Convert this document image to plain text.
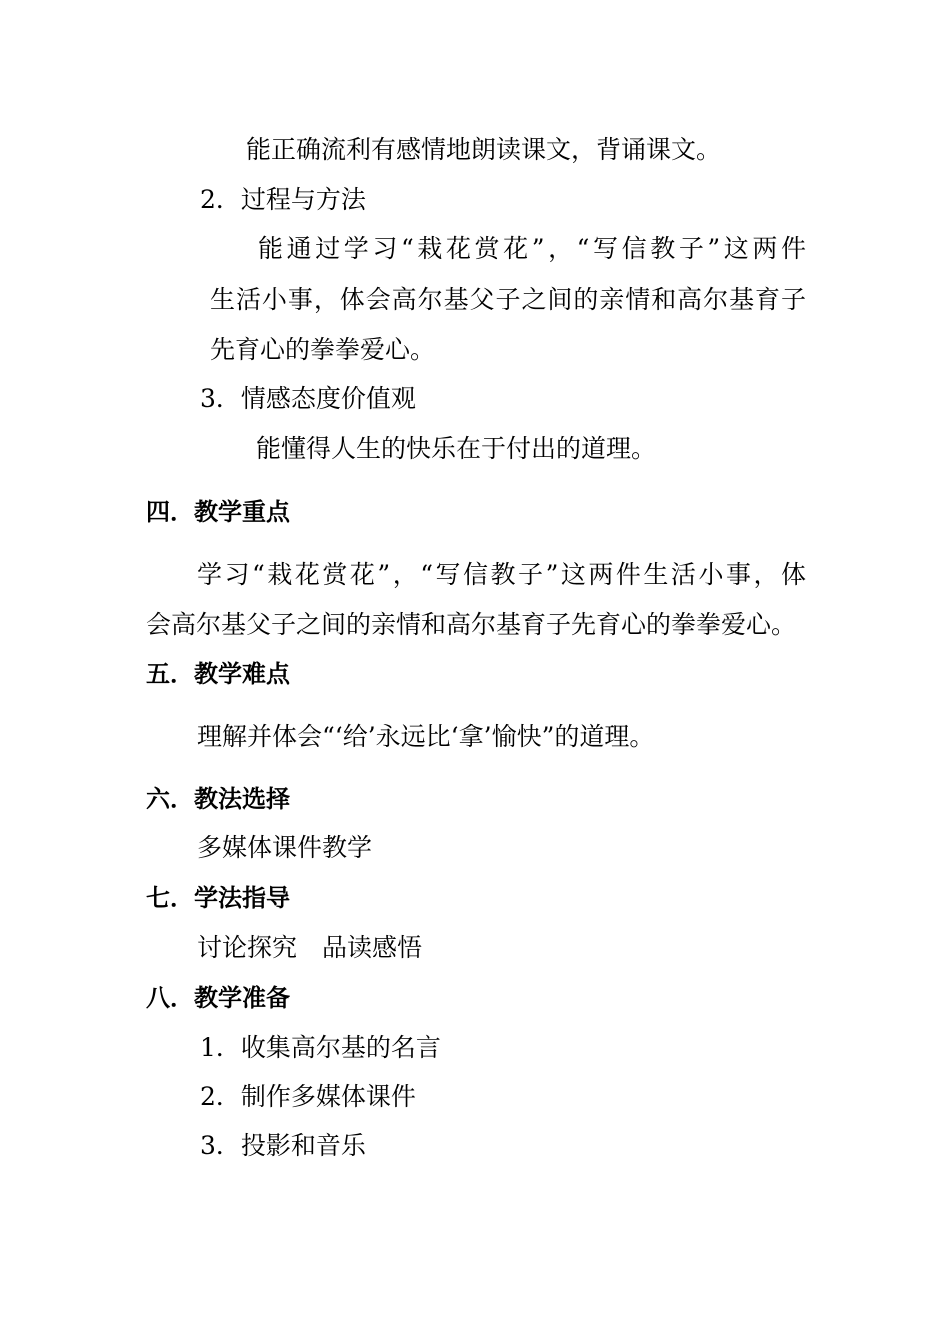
能正确流利有感情地朗读课文，背诵课文。
2．过程与方法
能通过学习“栽花赏花”，“写信教子”这两件
生活小事，体会高尔基父子之间的亲情和高尔基育子
先育心的拳拳爱心。
3．情感态度价值观
能懂得人生的快乐在于付出的道理。
四．教学重点
学习“栽花赏花”，“写信教子”这两件生活小事，体
会高尔基父子之间的亲情和高尔基育子先育心的拳拳爱心。
五．教学难点
理解并体会“‘给’永远比‘拿’愉快”的道理。
六．教法选择
多媒体课件教学
七．学法指导
讨论探究　品读感悟
八．教学准备
1．收集高尔基的名言
2．制作多媒体课件
3．投影和音乐
